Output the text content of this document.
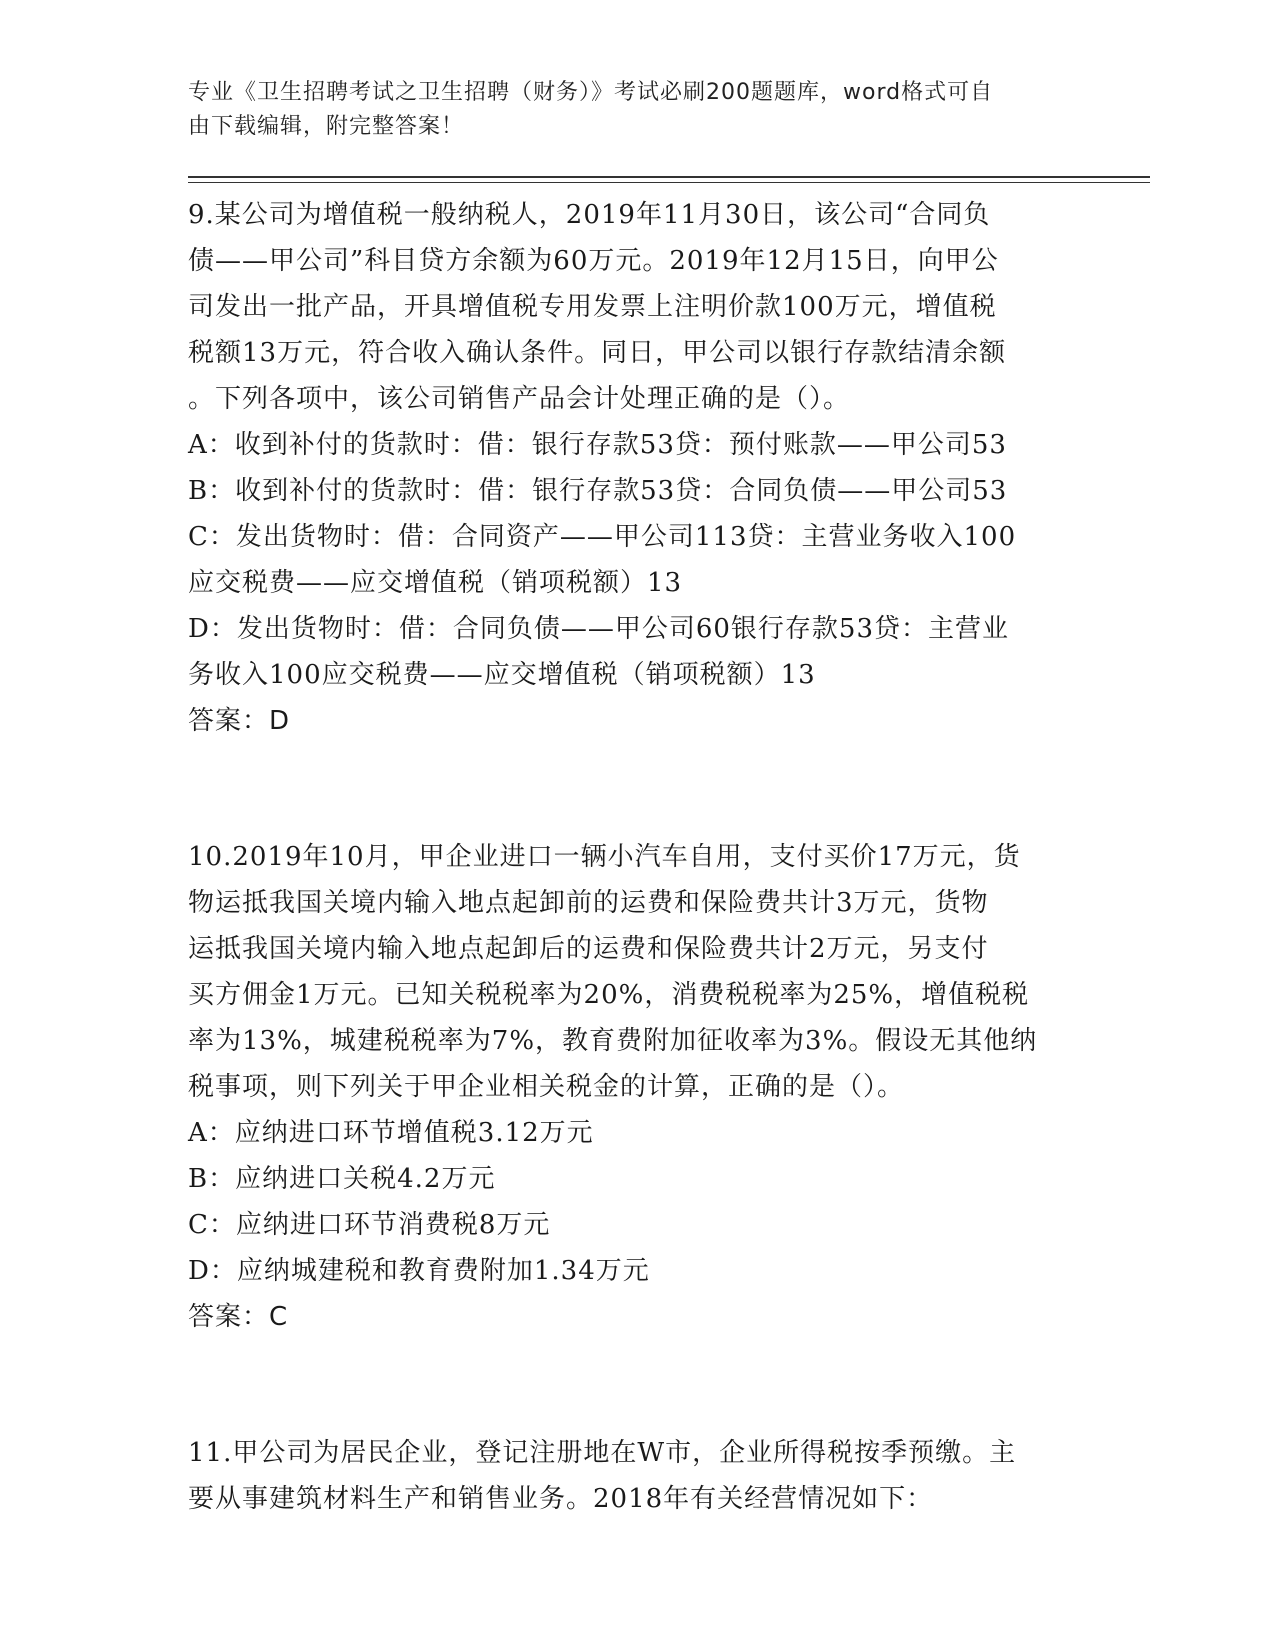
专业《卫生招聘考试之卫生招聘（财务）》考试必刷200题题库，word格式可自
由下载编辑，附完整答案！
9.某公司为增值税一般纳税人，2019年11月30日，该公司“合同负
债——甲公司”科目贷方余额为60万元。2019年12月15日，向甲公
司发出一批产品，开具增值税专用发票上注明价款100万元，增值税
税额13万元，符合收入确认条件。同日，甲公司以银行存款结清余额
。下列各项中，该公司销售产品会计处理正确的是（）。
A：收到补付的货款时：借：银行存款53贷：预付账款——甲公司53
B：收到补付的货款时：借：银行存款53贷：合同负债——甲公司53
C：发出货物时：借：合同资产——甲公司113贷：主营业务收入100
应交税费——应交增值税（销项税额）13
D：发出货物时：借：合同负债——甲公司60银行存款53贷：主营业
务收入100应交税费——应交增值税（销项税额）13
答案：D
10.2019年10月，甲企业进口一辆小汽车自用，支付买价17万元，货
物运抵我国关境内输入地点起卸前的运费和保险费共计3万元，货物
运抵我国关境内输入地点起卸后的运费和保险费共计2万元，另支付
买方佣金1万元。已知关税税率为20%，消费税税率为25%，增值税税
率为13%，城建税税率为7%，教育费附加征收率为3%。假设无其他纳
税事项，则下列关于甲企业相关税金的计算，正确的是（）。
A：应纳进口环节增值税3.12万元
B：应纳进口关税4.2万元
C：应纳进口环节消费税8万元
D：应纳城建税和教育费附加1.34万元
答案：C
11.甲公司为居民企业，登记注册地在W市，企业所得税按季预缴。主
要从事建筑材料生产和销售业务。2018年有关经营情况如下：
